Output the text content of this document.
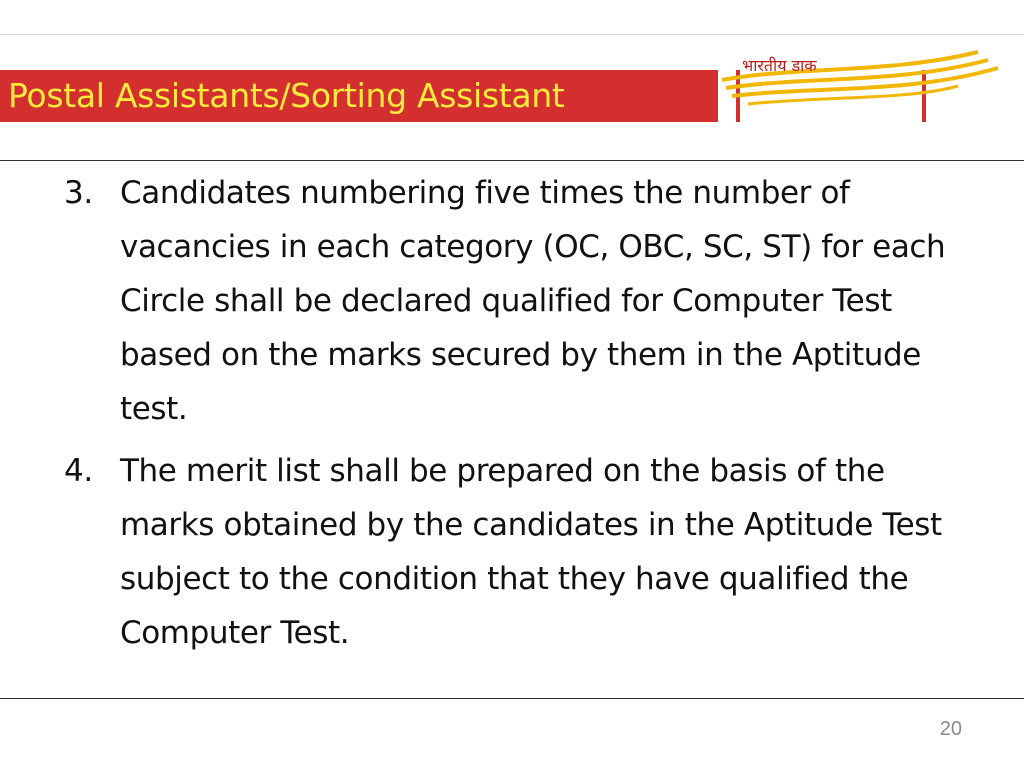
Postal Assistants/Sorting Assistant
भारतीय डाक
3. Candidates numbering five times the number of vacancies in each category (OC, OBC, SC, ST) for each Circle shall be declared qualified for Computer Test based on the marks secured by them in the Aptitude test.
4. The merit list shall be prepared on the basis of the marks obtained by the candidates in the Aptitude Test subject to the condition that they have qualified the Computer Test.
20
